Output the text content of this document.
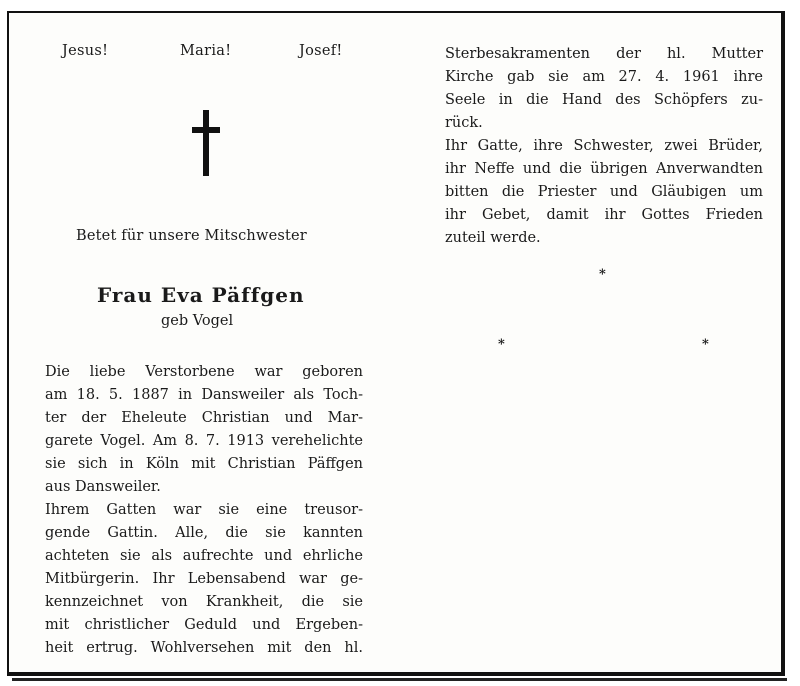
Jesus!	Maria!	Josef!
Betet für unsere Mitschwester
Frau Eva Päffgen
geb Vogel
Die liebe Verstorbene war geboren
am 18. 5. 1887 in Dansweiler als Toch-
ter der Eheleute Christian und Mar-
garete Vogel. Am 8. 7. 1913 verehelichte
sie sich in Köln mit Christian Päffgen
aus Dansweiler.
Ihrem Gatten war sie eine treusor-
gende Gattin. Alle, die sie kannten
achteten sie als aufrechte und ehrliche
Mitbürgerin. Ihr Lebensabend war ge-
kennzeichnet von Krankheit, die sie
mit christlicher Geduld und Ergeben-
heit ertrug. Wohlversehen mit den hl.
Sterbesakramenten der hl. Mutter
Kirche gab sie am 27. 4. 1961 ihre
Seele in die Hand des Schöpfers zu-
rück.
Ihr Gatte, ihre Schwester, zwei Brüder,
ihr Neffe und die übrigen Anverwandten
bitten die Priester und Gläubigen um
ihr Gebet, damit ihr Gottes Frieden
zuteil werde.
*
*	*
